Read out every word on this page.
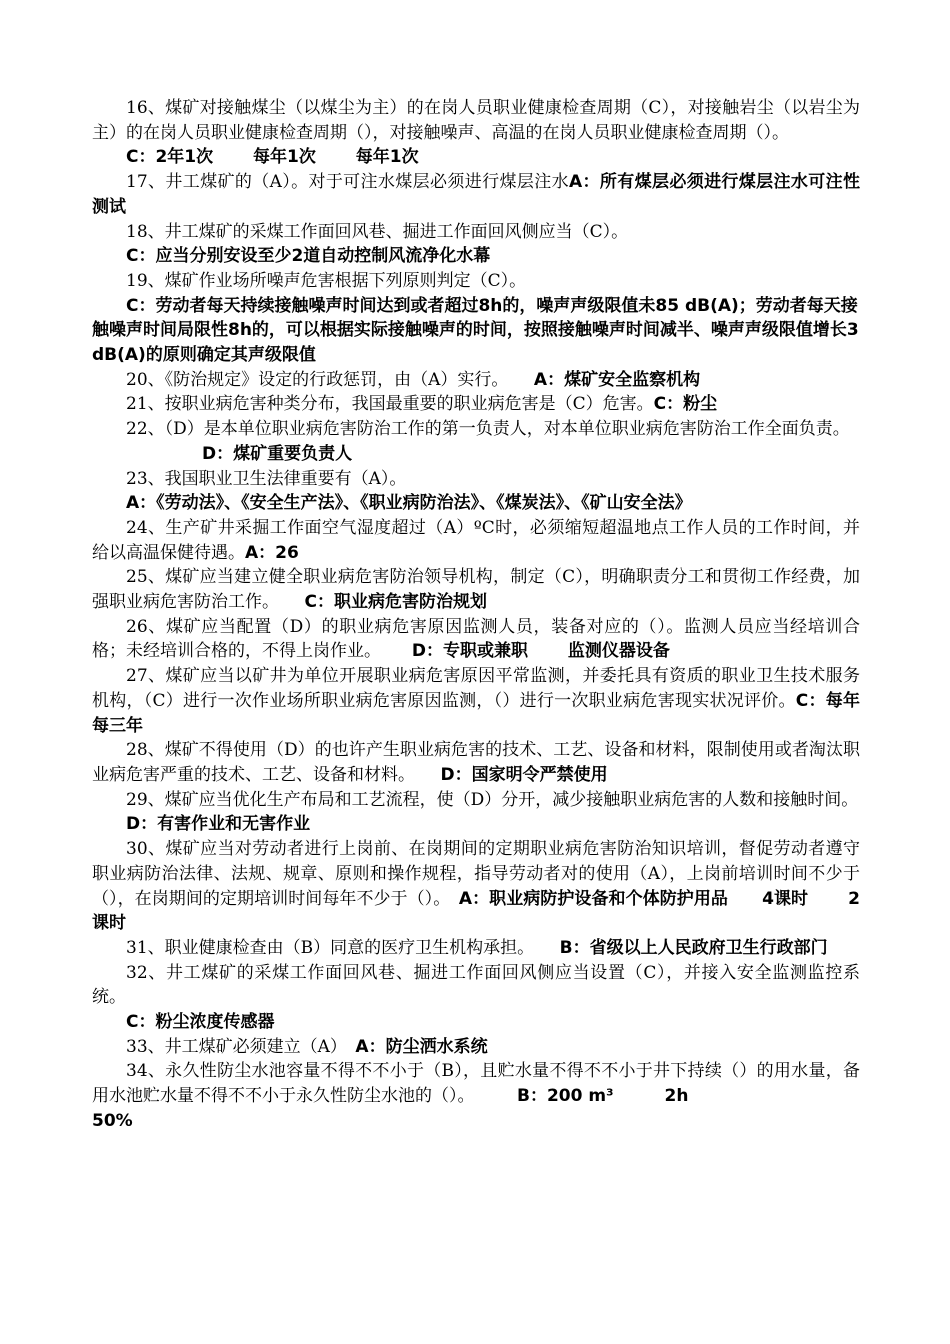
16、煤矿对接触煤尘（以煤尘为主）的在岗人员职业健康检查周期（C），对接触岩尘（以岩尘为主）的在岗人员职业健康检查周期（），对接触噪声、高温的在岗人员职业健康检查周期（）。

C：2年1次　　 每年1次　　 每年1次

17、井工煤矿的（A）。对于可注水煤层必须进行煤层注水A：所有煤层必须进行煤层注水可注性测试

18、井工煤矿的采煤工作面回风巷、掘进工作面回风侧应当（C）。

C：应当分别安设至少2道自动控制风流净化水幕

19、煤矿作业场所噪声危害根据下列原则判定（C）。

C：劳动者每天持续接触噪声时间达到或者超过8h的，噪声声级限值未85 dB(A)；劳动者每天接触噪声时间局限性8h的，可以根据实际接触噪声的时间，按照接触噪声时间减半、噪声声级限值增长3 dB(A)的原则确定其声级限值

20、《防治规定》设定的行政惩罚，由（A）实行。　　A：煤矿安全监察机构

21、按职业病危害种类分布，我国最重要的职业病危害是（C）危害。C：粉尘

22、（D）是本单位职业病危害防治工作的第一负责人，对本单位职业病危害防治工作全面负责。

D：煤矿重要负责人

23、我国职业卫生法律重要有（A）。

A：《劳动法》、《安全生产法》、《职业病防治法》、《煤炭法》、《矿山安全法》

24、生产矿井采掘工作面空气湿度超过（A）ºC时，必须缩短超温地点工作人员的工作时间，并给以高温保健待遇。A：26

25、煤矿应当建立健全职业病危害防治领导机构，制定（C），明确职责分工和贯彻工作经费，加强职业病危害防治工作。　　C：职业病危害防治规划

26、煤矿应当配置（D）的职业病危害原因监测人员，装备对应的（）。监测人员应当经培训合格；未经培训合格的，不得上岗作业。　　 D：专职或兼职　　 监测仪器设备

27、煤矿应当以矿井为单位开展职业病危害原因平常监测，并委托具有资质的职业卫生技术服务机构，（C）进行一次作业场所职业病危害原因监测，（）进行一次职业病危害现实状况评价。C：每年　　每三年

28、煤矿不得使用（D）的也许产生职业病危害的技术、工艺、设备和材料，限制使用或者淘汰职业病危害严重的技术、工艺、设备和材料。　　D：国家明令严禁使用

29、煤矿应当优化生产布局和工艺流程，使（D）分开，减少接触职业病危害的人数和接触时间。

D：有害作业和无害作业

30、煤矿应当对劳动者进行上岗前、在岗期间的定期职业病危害防治知识培训，督促劳动者遵守职业病防治法律、法规、规章、原则和操作规程，指导劳动者对的使用（A），上岗前培训时间不少于（），在岗期间的定期培训时间每年不少于（）。　A：职业病防护设备和个体防护用品　　4课时　　 2课时

31、职业健康检查由（B）同意的医疗卫生机构承担。　　B：省级以上人民政府卫生行政部门

32、井工煤矿的采煤工作面回风巷、掘进工作面回风侧应当设置（C），并接入安全监测监控系统。

C：粉尘浓度传感器

33、井工煤矿必须建立（A）　A：防尘洒水系统

34、永久性防尘水池容量不得不不小于（B），且贮水量不得不不小于井下持续（）的用水量，备用水池贮水量不得不不小于永久性防尘水池的（）。　　　B：200 m³　　　2h

50%
